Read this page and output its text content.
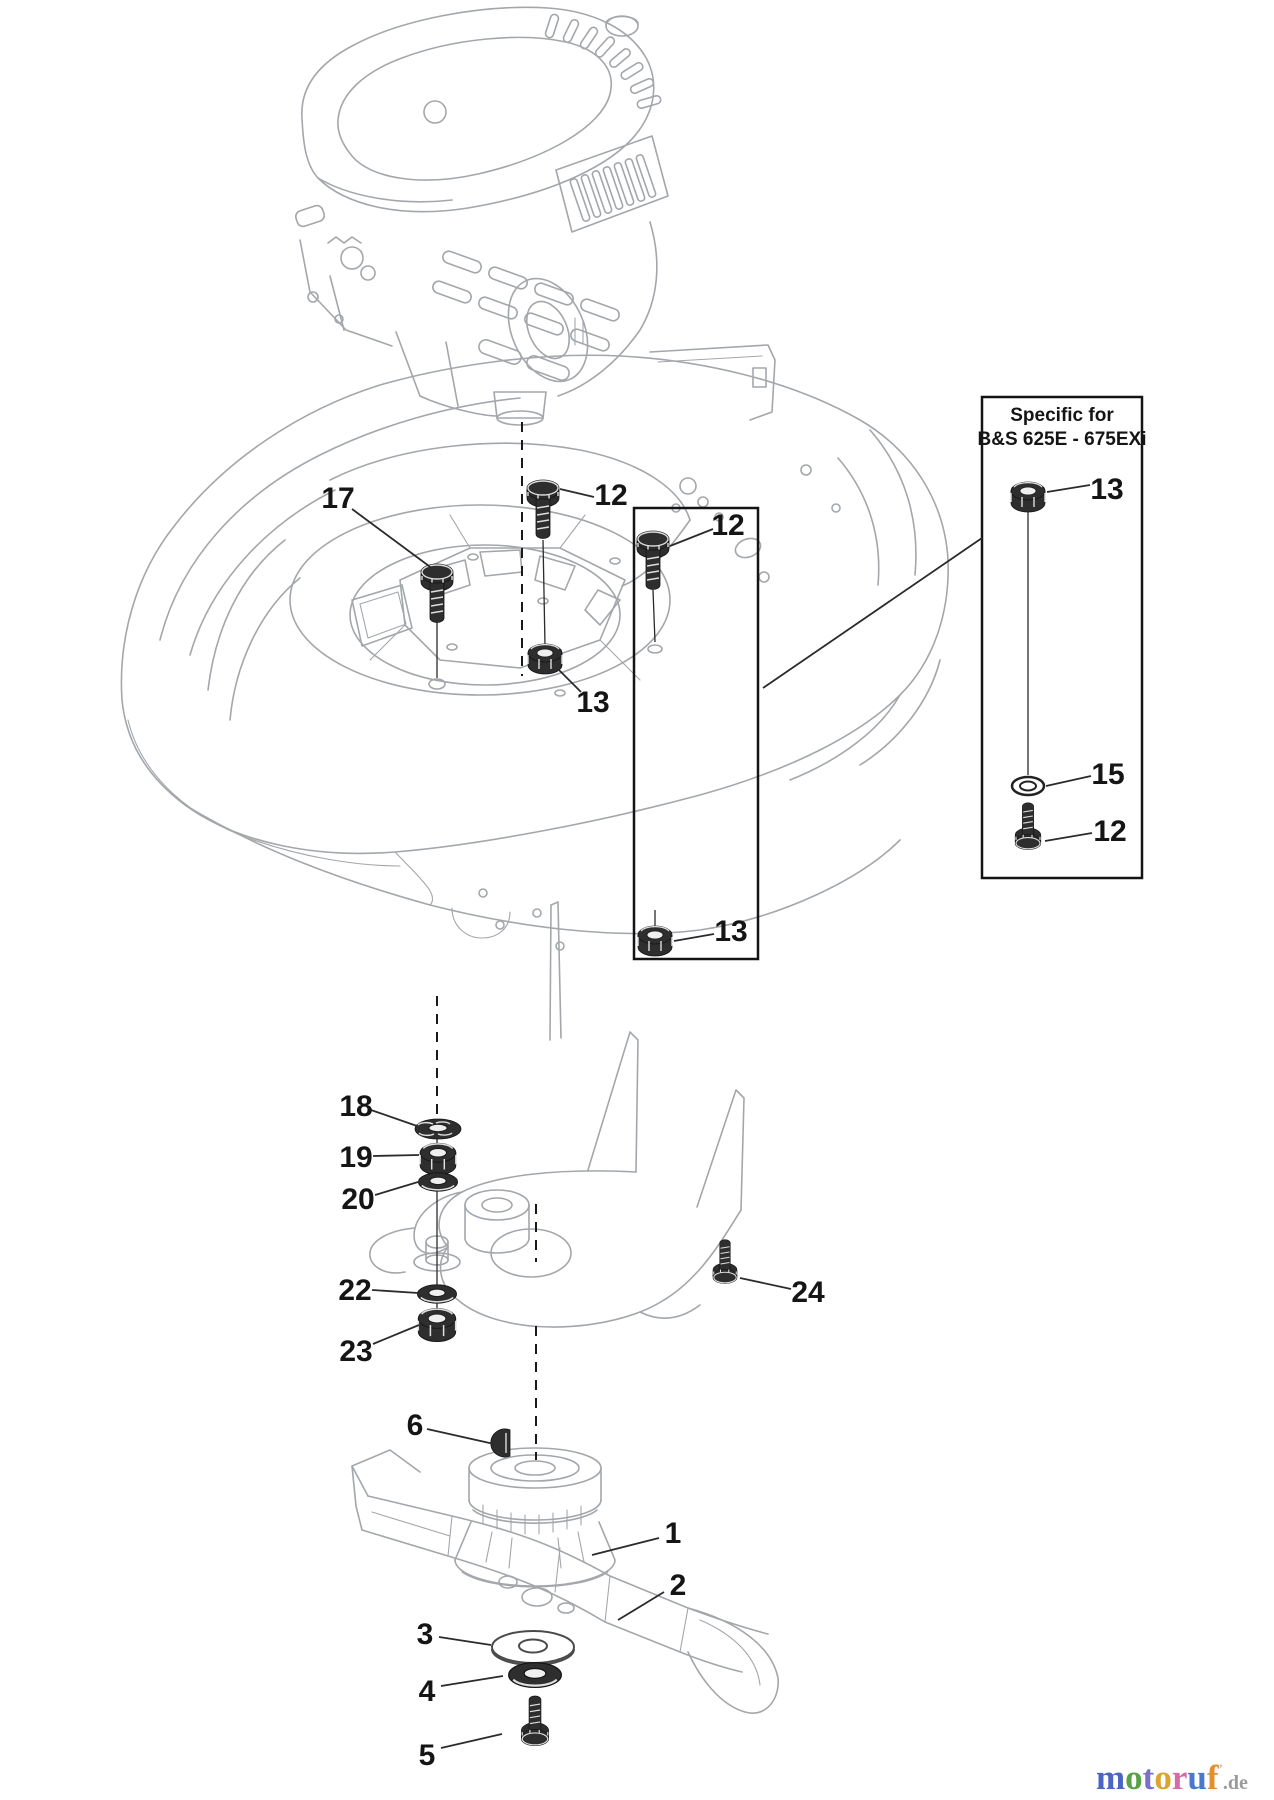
Specific for
B&S 625E - 675EXi
17	12
12
13
13
13
15
12
18
19
20
22
23
24
6
1
2
3
4
5
motoruf’.de
